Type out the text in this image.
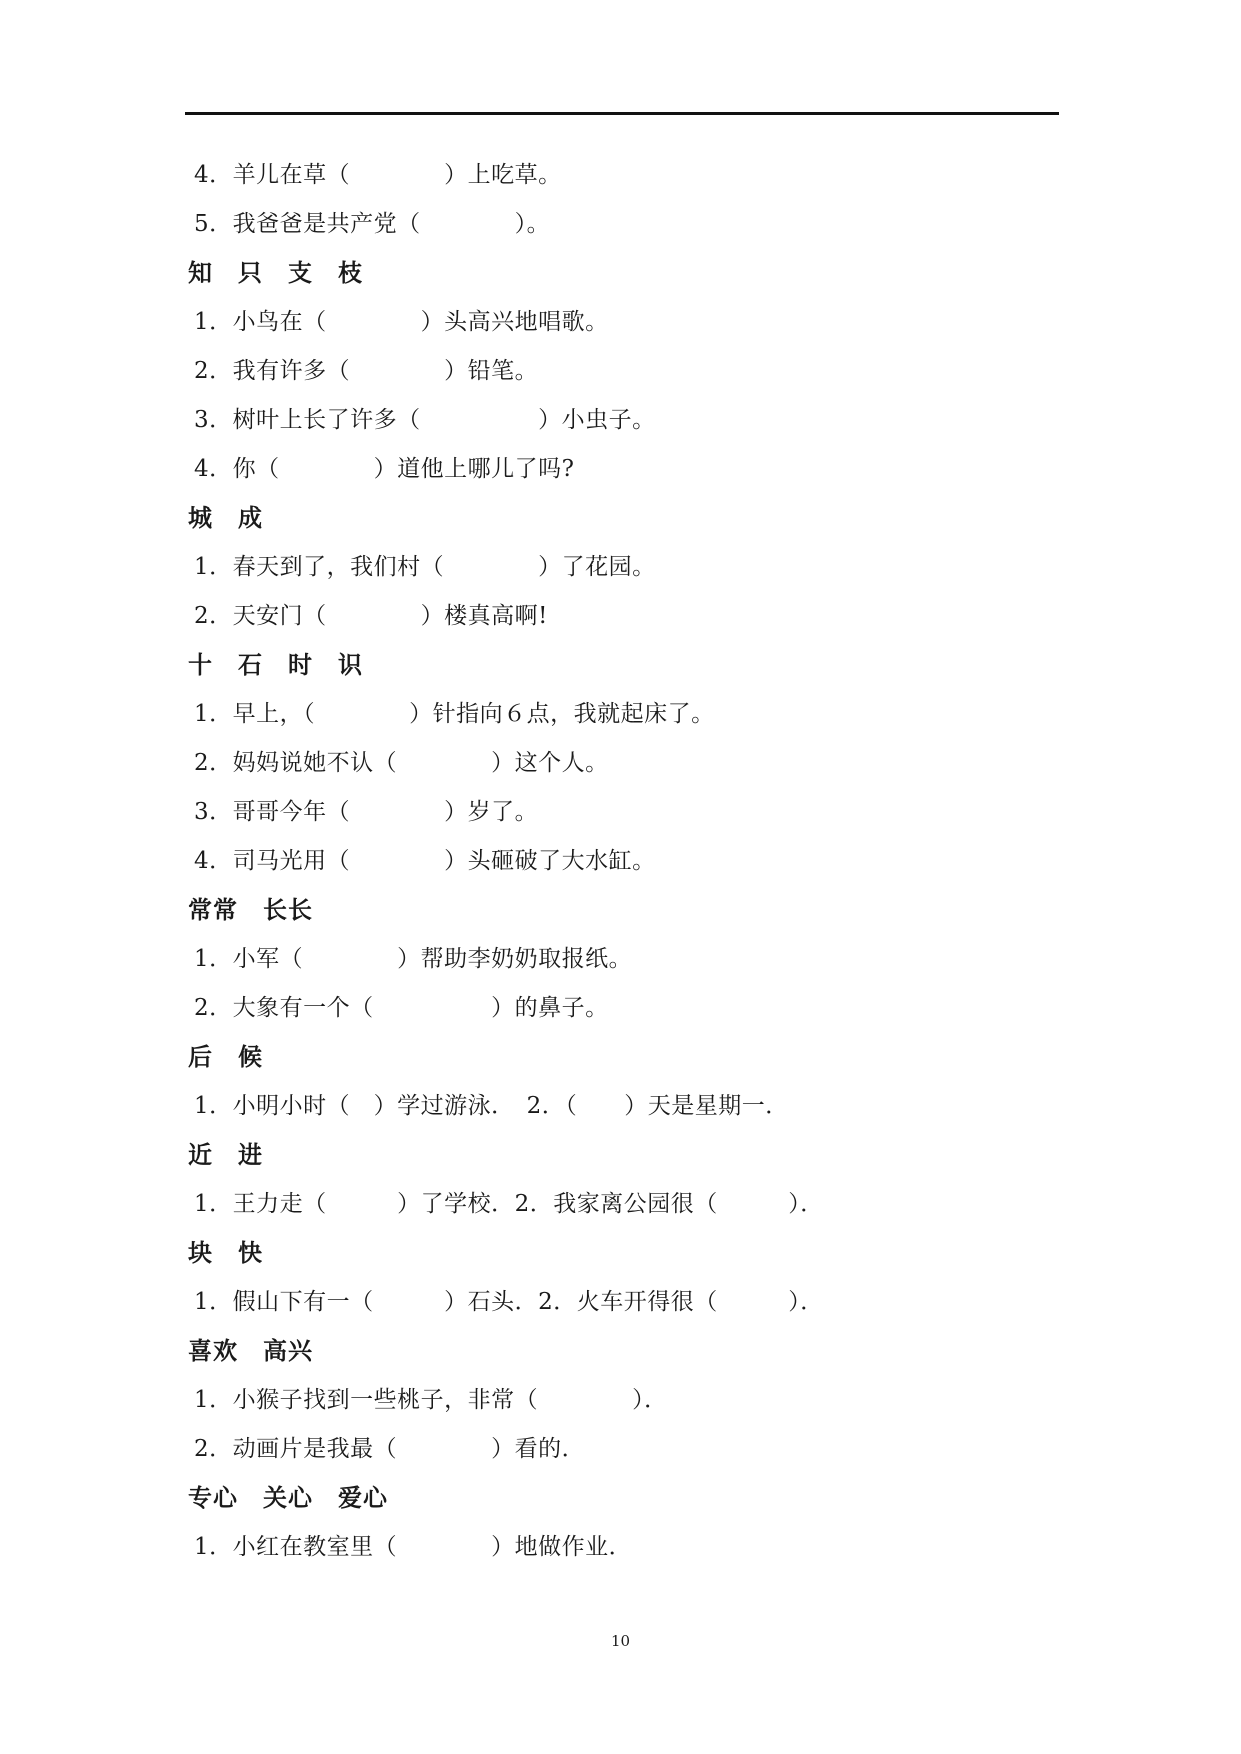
4．羊儿在草（　　　　）上吃草。
5．我爸爸是共产党（　　　　）。
知　只　支　枝
1．小鸟在（　　　　）头高兴地唱歌。
2．我有许多（　　　　）铅笔。
3．树叶上长了许多（　　　　　）小虫子。
4．你（　　　　）道他上哪儿了吗?
城　成
1．春天到了，我们村（　　　　）了花园。
2．天安门（　　　　）楼真高啊!
十　石　时　识
1．早上，（　　　　）针指向６点，我就起床了。
2．妈妈说她不认（　　　　）这个人。
3．哥哥今年（　　　　）岁了。
4．司马光用（　　　　）头砸破了大水缸。
常常　长长
1．小军（　　　　）帮助李奶奶取报纸。
2．大象有一个（　　　　　）的鼻子。
后　候
1．小明小时（　）学过游泳．　2．（　　）天是星期一．
近　进
1．王力走（　　　）了学校．2．我家离公园很（　　　）．
块　快
1．假山下有一（　　　）石头．2．火车开得很（　　　）．
喜欢　高兴
1．小猴子找到一些桃子，非常（　　　　）．
2．动画片是我最（　　　　）看的．
专心　关心　爱心
1．小红在教室里（　　　　）地做作业．
10
